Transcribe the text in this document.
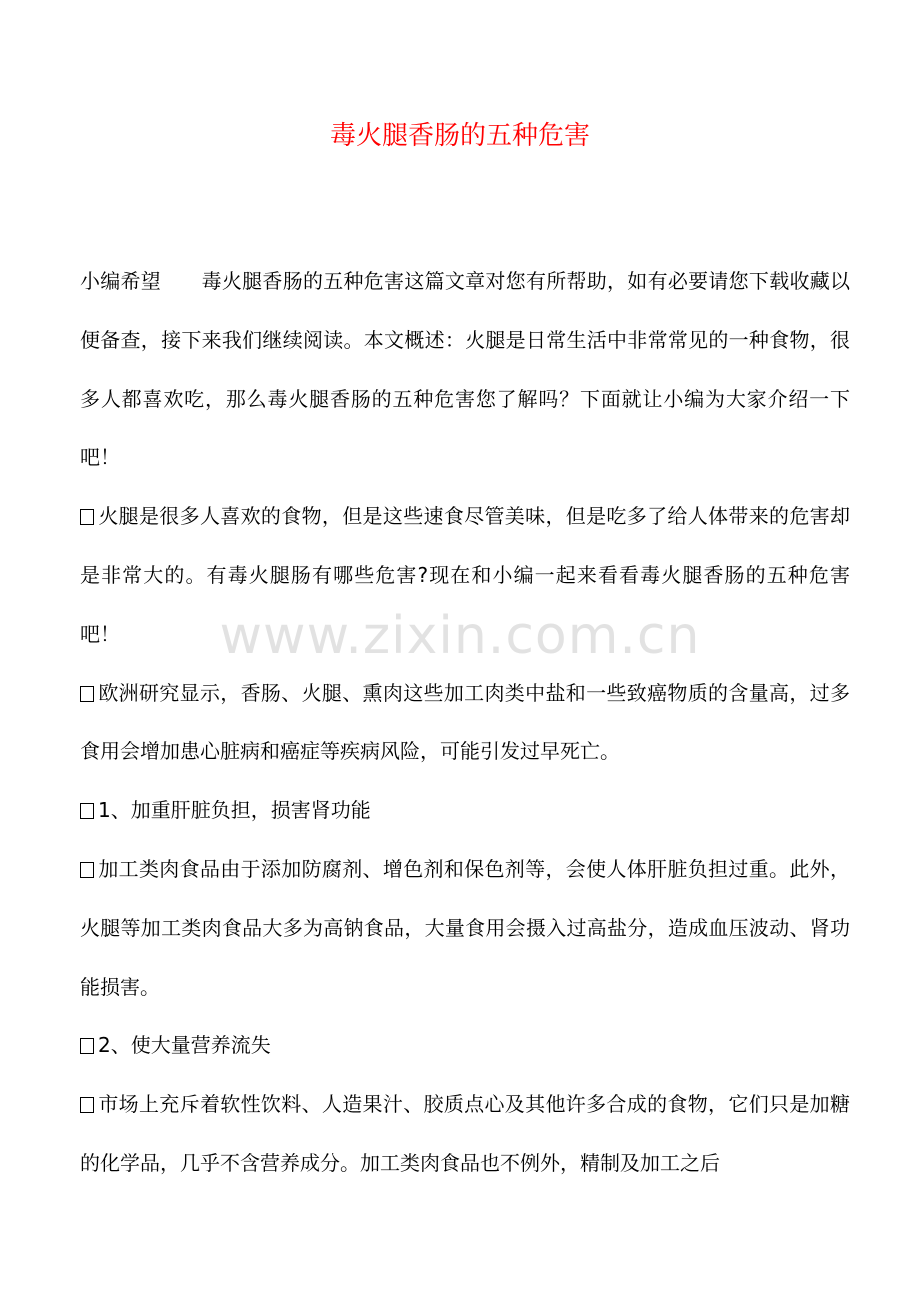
毒火腿香肠的五种危害

小编希望　　毒火腿香肠的五种危害这篇文章对您有所帮助，如有必要请您下载收藏以便备查，接下来我们继续阅读。本文概述：火腿是日常生活中非常常见的一种食物，很多人都喜欢吃，那么毒火腿香肠的五种危害您了解吗？下面就让小编为大家介绍一下吧！

火腿是很多人喜欢的食物，但是这些速食尽管美味，但是吃多了给人体带来的危害却是非常大的。有毒火腿肠有哪些危害?现在和小编一起来看看毒火腿香肠的五种危害吧！

欧洲研究显示，香肠、火腿、熏肉这些加工肉类中盐和一些致癌物质的含量高，过多食用会增加患心脏病和癌症等疾病风险，可能引发过早死亡。

1、加重肝脏负担，损害肾功能

加工类肉食品由于添加防腐剂、增色剂和保色剂等，会使人体肝脏负担过重。此外，火腿等加工类肉食品大多为高钠食品，大量食用会摄入过高盐分，造成血压波动、肾功能损害。

2、使大量营养流失

市场上充斥着软性饮料、人造果汁、胶质点心及其他许多合成的食物，它们只是加糖的化学品，几乎不含营养成分。加工类肉食品也不例外，精制及加工之后

www.zixin.com.cn
